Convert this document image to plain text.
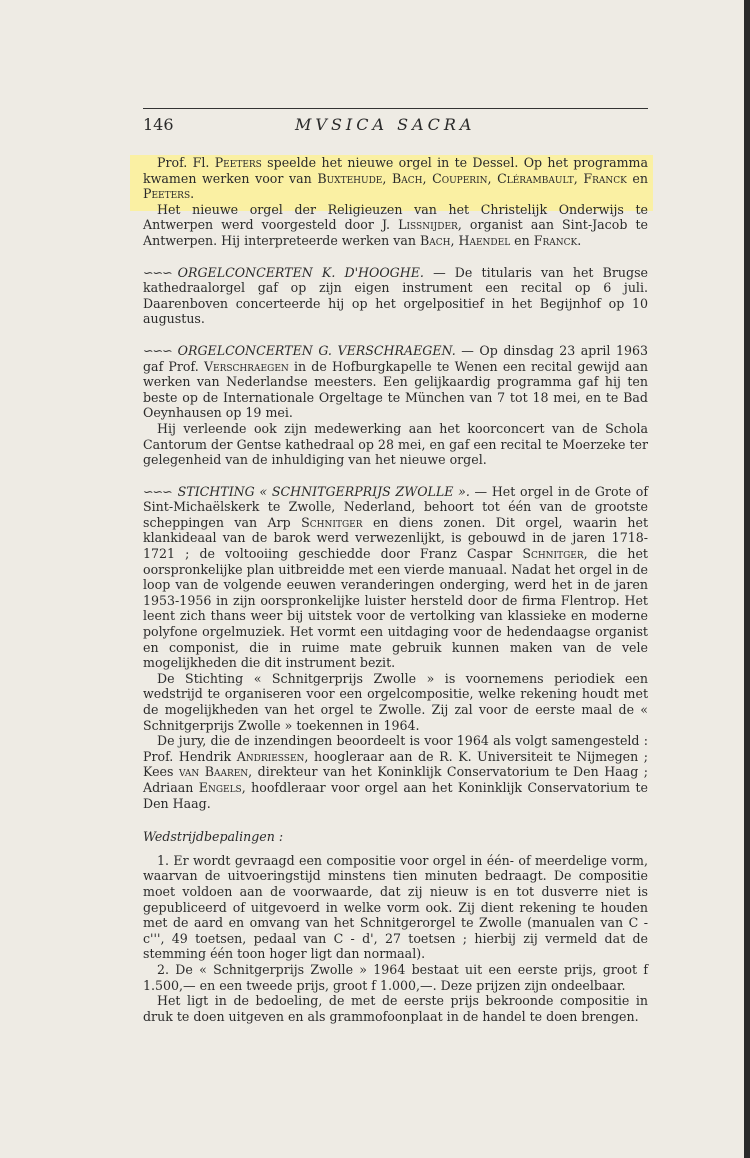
146	MVSICA SACRA

Prof. Fl. Peeters speelde het nieuwe orgel in te Dessel. Op het programma kwamen werken voor van Buxtehude, Bach, Couperin, Clérambault, Franck en Peeters.

Het nieuwe orgel der Religieuzen van het Christelijk Onderwijs te Antwerpen werd voorgesteld door J. Lissnijder, organist aan Sint-Jacob te Antwerpen. Hij interpreteerde werken van Bach, Haendel en Franck.

∽∽∽ ORGELCONCERTEN K. D'HOOGHE. — De titularis van het Brugse kathedraalorgel gaf op zijn eigen instrument een recital op 6 juli. Daarenboven concerteerde hij op het orgelpositief in het Begijnhof op 10 augustus.

∽∽∽ ORGELCONCERTEN G. VERSCHRAEGEN. — Op dinsdag 23 april 1963 gaf Prof. Verschraegen in de Hofburgkapelle te Wenen een recital gewijd aan werken van Nederlandse meesters. Een gelijkaardig programma gaf hij ten beste op de Internationale Orgeltage te München van 7 tot 18 mei, en te Bad Oeynhausen op 19 mei.

Hij verleende ook zijn medewerking aan het koorconcert van de Schola Cantorum der Gentse kathedraal op 28 mei, en gaf een recital te Moerzeke ter gelegenheid van de inhuldiging van het nieuwe orgel.

∽∽∽ STICHTING « SCHNITGERPRIJS ZWOLLE ». — Het orgel in de Grote of Sint-Michaëlskerk te Zwolle, Nederland, behoort tot één van de grootste scheppingen van Arp Schnitger en diens zonen. Dit orgel, waarin het klankideaal van de barok werd verwezenlijkt, is gebouwd in de jaren 1718-1721 ; de voltooiing geschiedde door Franz Caspar Schnitger, die het oorspronkelijke plan uitbreidde met een vierde manuaal. Nadat het orgel in de loop van de volgende eeuwen veranderingen onderging, werd het in de jaren 1953-1956 in zijn oorspronkelijke luister hersteld door de firma Flentrop. Het leent zich thans weer bij uitstek voor de vertolking van klassieke en moderne polyfone orgelmuziek. Het vormt een uitdaging voor de hedendaagse organist en componist, die in ruime mate gebruik kunnen maken van de vele mogelijkheden die dit instrument bezit.

De Stichting « Schnitgerprijs Zwolle » is voornemens periodiek een wedstrijd te organiseren voor een orgelcompositie, welke rekening houdt met de mogelijkheden van het orgel te Zwolle. Zij zal voor de eerste maal de « Schnitgerprijs Zwolle » toekennen in 1964.

De jury, die de inzendingen beoordeelt is voor 1964 als volgt samengesteld : Prof. Hendrik Andriessen, hoogleraar aan de R. K. Universiteit te Nijmegen ; Kees van Baaren, direkteur van het Koninklijk Conservatorium te Den Haag ; Adriaan Engels, hoofdleraar voor orgel aan het Koninklijk Conservatorium te Den Haag.

Wedstrijdbepalingen :

1. Er wordt gevraagd een compositie voor orgel in één- of meerdelige vorm, waarvan de uitvoeringstijd minstens tien minuten bedraagt. De compositie moet voldoen aan de voorwaarde, dat zij nieuw is en tot dusverre niet is gepubliceerd of uitgevoerd in welke vorm ook. Zij dient rekening te houden met de aard en omvang van het Schnitgerorgel te Zwolle (manualen van C - c''', 49 toetsen, pedaal van C - d', 27 toetsen ; hierbij zij vermeld dat de stemming één toon hoger ligt dan normaal).

2. De « Schnitgerprijs Zwolle » 1964 bestaat uit een eerste prijs, groot f 1.500,— en een tweede prijs, groot f 1.000,—. Deze prijzen zijn ondeelbaar.

Het ligt in de bedoeling, de met de eerste prijs bekroonde compositie in druk te doen uitgeven en als grammofoonplaat in de handel te doen brengen.
